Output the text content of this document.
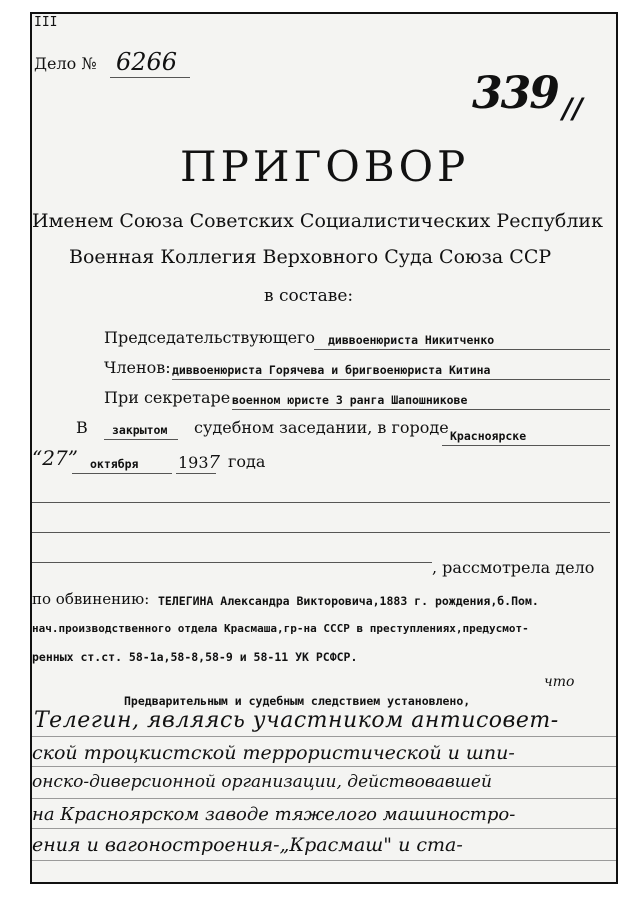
III
Дело № 6266
339 //
ПРИГОВОР
Именем Союза Советских Социалистических Республик
Военная Коллегия Верховного Суда Союза ССР
в составе:
Председательствующего диввоенюриста Никитченко
Членов: диввоенюриста Горячева и бригвоенюриста Китина
При секретаре военном юристе 3 ранга Шапошникове
В закрытом судебном заседании, в городе Красноярске
“27” октября 1937 года
, рассмотрела дело
по обвинению: ТЕЛЕГИНА Александра Викторовича,1883 г. рождения,б.Пом.
нач.производственного отдела Красмаша,гр-на СССР в преступлениях,предусмот-
ренных ст.ст. 58-1а,58-8,58-9 и 58-11 УК РСФСР.
Предварительным и судебным следствием установлено,
что
Телегин, являясь участником антисовет-
ской троцкистской террористической и шпи-
онско-диверсионной организации, действовавшей
на Красноярском заводе тяжелого машиностро-
ения и вагоностроения-„Красмаш" и ста-
